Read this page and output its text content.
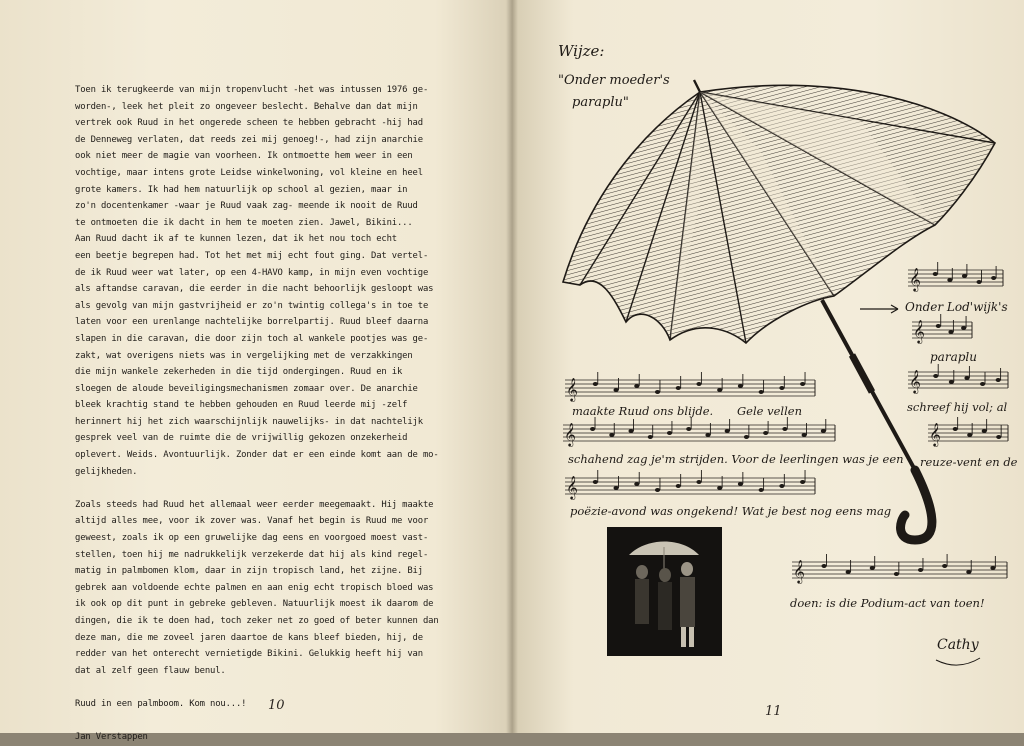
Toen ik terugkeerde van mijn tropenvlucht -het was intussen 1976 ge-
worden-, leek het pleit zo ongeveer beslecht. Behalve dan dat mijn
vertrek ook Ruud in het ongerede scheen te hebben gebracht -hij had
de Denneweg verlaten, dat reeds zei mij genoeg!-, had zijn anarchie
ook niet meer de magie van voorheen. Ik ontmoette hem weer in een
vochtige, maar intens grote Leidse winkelwoning, vol kleine en heel
grote kamers. Ik had hem natuurlijk op school al gezien, maar in
zo'n docentenkamer -waar je Ruud vaak zag- meende ik nooit de Ruud
te ontmoeten die ik dacht in hem te moeten zien. Jawel, Bikini...
Aan Ruud dacht ik af te kunnen lezen, dat ik het nou toch echt
een beetje begrepen had. Tot het met mij echt fout ging. Dat vertel-
de ik Ruud weer wat later, op een 4-HAVO kamp, in mijn even vochtige
als aftandse caravan, die eerder in die nacht behoorlijk gesloopt was
als gevolg van mijn gastvrijheid er zo'n twintig collega's in toe te
laten voor een urenlange nachtelijke borrelpartij. Ruud bleef daarna
slapen in die caravan, die door zijn toch al wankele pootjes was ge-
zakt, wat overigens niets was in vergelijking met de verzakkingen
die mijn wankele zekerheden in die tijd ondergingen. Ruud en ik
sloegen de aloude beveiligingsmechanismen zomaar over. De anarchie
bleek krachtig stand te hebben gehouden en Ruud leerde mij -zelf
herinnert hij het zich waarschijnlijk nauwelijks- in dat nachtelijk
gesprek veel van de ruimte die de vrijwillig gekozen onzekerheid
oplevert. Weids. Avontuurlijk. Zonder dat er een einde komt aan de mo-
gelijkheden.
Zoals steeds had Ruud het allemaal weer eerder meegemaakt. Hij maakte
altijd alles mee, voor ik zover was. Vanaf het begin is Ruud me voor
geweest, zoals ik op een gruwelijke dag eens en voorgoed moest vast-
stellen, toen hij me nadrukkelijk verzekerde dat hij als kind regel-
matig in palmbomen klom, daar in zijn tropisch land, het zijne. Bij
gebrek aan voldoende echte palmen en aan enig echt tropisch bloed was
ik ook op dit punt in gebreke gebleven. Natuurlijk moest ik daarom de
dingen, die ik te doen had, toch zeker net zo goed of beter kunnen dan
deze man, die me zoveel jaren daartoe de kans bleef bieden, hij, de
redder van het onterecht vernietigde Bikini. Gelukkig heeft hij van
dat al zelf geen flauw benul.
Ruud in een palmboom. Kom nou...!
Jan Verstappen
10
Wijze:
"Onder moeder's
paraplu"
𝄞
𝄞
𝄞
𝄞
𝄞
𝄞
𝄞
𝄞
Onder Lod'wijk's
paraplu
maakte Ruud ons blijde. Gele vellen	schreef hij vol; al
schahend zag je'm strijden. Voor de leerlingen was je een reuze-vent en de
poëzie-avond was ongekend! Wat je best nog eens mag
doen: is die Podium-act van toen!
Cathy
11
